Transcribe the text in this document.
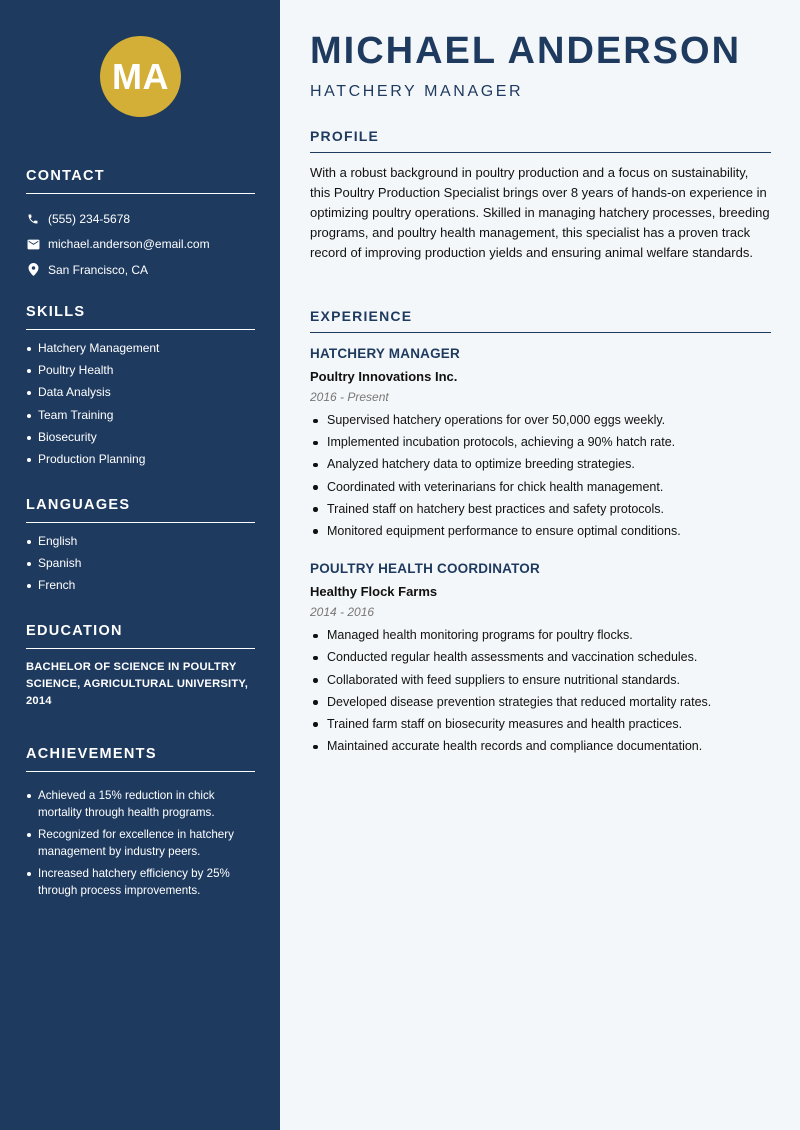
MA
CONTACT
(555) 234-5678
michael.anderson@email.com
San Francisco, CA
SKILLS
Hatchery Management
Poultry Health
Data Analysis
Team Training
Biosecurity
Production Planning
LANGUAGES
English
Spanish
French
EDUCATION
BACHELOR OF SCIENCE IN POULTRY SCIENCE, AGRICULTURAL UNIVERSITY, 2014
ACHIEVEMENTS
Achieved a 15% reduction in chick mortality through health programs.
Recognized for excellence in hatchery management by industry peers.
Increased hatchery efficiency by 25% through process improvements.
MICHAEL ANDERSON
HATCHERY MANAGER
PROFILE

With a robust background in poultry production and a focus on sustainability, this Poultry Production Specialist brings over 8 years of hands-on experience in optimizing poultry operations. Skilled in managing hatchery processes, breeding programs, and poultry health management, this specialist has a proven track record of improving production yields and ensuring animal welfare standards.

EXPERIENCE
HATCHERY MANAGER
Poultry Innovations Inc.
2016 - Present
Supervised hatchery operations for over 50,000 eggs weekly.
Implemented incubation protocols, achieving a 90% hatch rate.
Analyzed hatchery data to optimize breeding strategies.
Coordinated with veterinarians for chick health management.
Trained staff on hatchery best practices and safety protocols.
Monitored equipment performance to ensure optimal conditions.
POULTRY HEALTH COORDINATOR
Healthy Flock Farms
2014 - 2016
Managed health monitoring programs for poultry flocks.
Conducted regular health assessments and vaccination schedules.
Collaborated with feed suppliers to ensure nutritional standards.
Developed disease prevention strategies that reduced mortality rates.
Trained farm staff on biosecurity measures and health practices.
Maintained accurate health records and compliance documentation.
